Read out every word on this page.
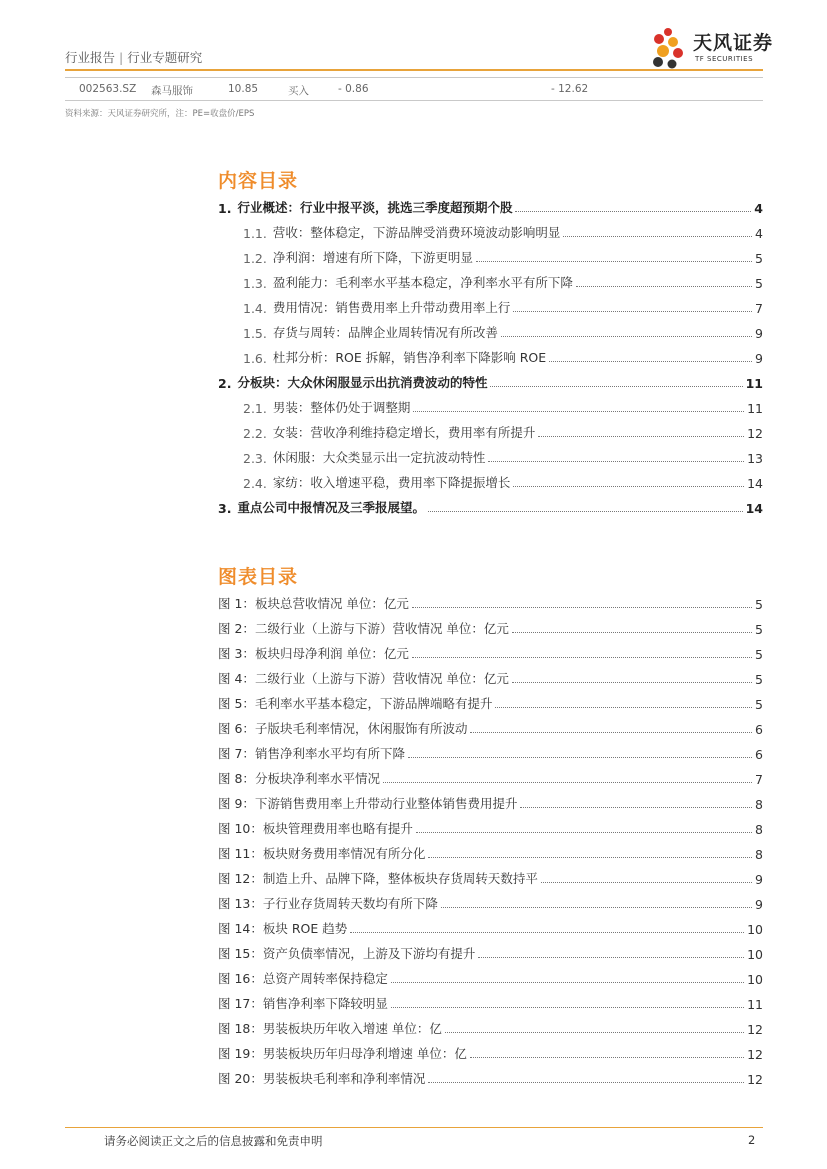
行业报告 | 行业专题研究
天风证券
TF SECURITIES
002563.SZ 森马服饰	10.85	买入	- 0.86	- 12.62
资料来源：天风证券研究所，注：PE=收盘价/EPS
内容目录
1. 行业概述：行业中报平淡，挑选三季度超预期个股	4
1.1. 营收：整体稳定，下游品牌受消费环境波动影响明显	4
1.2. 净利润：增速有所下降，下游更明显	5
1.3. 盈利能力：毛利率水平基本稳定，净利率水平有所下降	5
1.4. 费用情况：销售费用率上升带动费用率上行	7
1.5. 存货与周转：品牌企业周转情况有所改善	9
1.6. 杜邦分析：ROE 拆解，销售净利率下降影响 ROE	9
2. 分板块：大众休闲服显示出抗消费波动的特性	11
2.1. 男装：整体仍处于调整期	11
2.2. 女装：营收净利维持稳定增长，费用率有所提升	12
2.3. 休闲服：大众类显示出一定抗波动特性	13
2.4. 家纺：收入增速平稳，费用率下降提振增长	14
3. 重点公司中报情况及三季报展望。	14
图表目录
图 1： 板块总营收情况 单位：亿元	5
图 2： 二级行业（上游与下游）营收情况 单位：亿元	5
图 3： 板块归母净利润 单位：亿元	5
图 4： 二级行业（上游与下游）营收情况 单位：亿元	5
图 5： 毛利率水平基本稳定，下游品牌端略有提升	5
图 6： 子版块毛利率情况，休闲服饰有所波动	6
图 7： 销售净利率水平均有所下降	6
图 8： 分板块净利率水平情况	7
图 9： 下游销售费用率上升带动行业整体销售费用提升	8
图 10： 板块管理费用率也略有提升	8
图 11： 板块财务费用率情况有所分化	8
图 12： 制造上升、品牌下降，整体板块存货周转天数持平	9
图 13： 子行业存货周转天数均有所下降	9
图 14： 板块 ROE 趋势	10
图 15： 资产负债率情况，上游及下游均有提升	10
图 16： 总资产周转率保持稳定	10
图 17： 销售净利率下降较明显	11
图 18： 男装板块历年收入增速 单位：亿	12
图 19： 男装板块历年归母净利增速 单位：亿	12
图 20： 男装板块毛利率和净利率情况	12
请务必阅读正文之后的信息披露和免责申明	2
